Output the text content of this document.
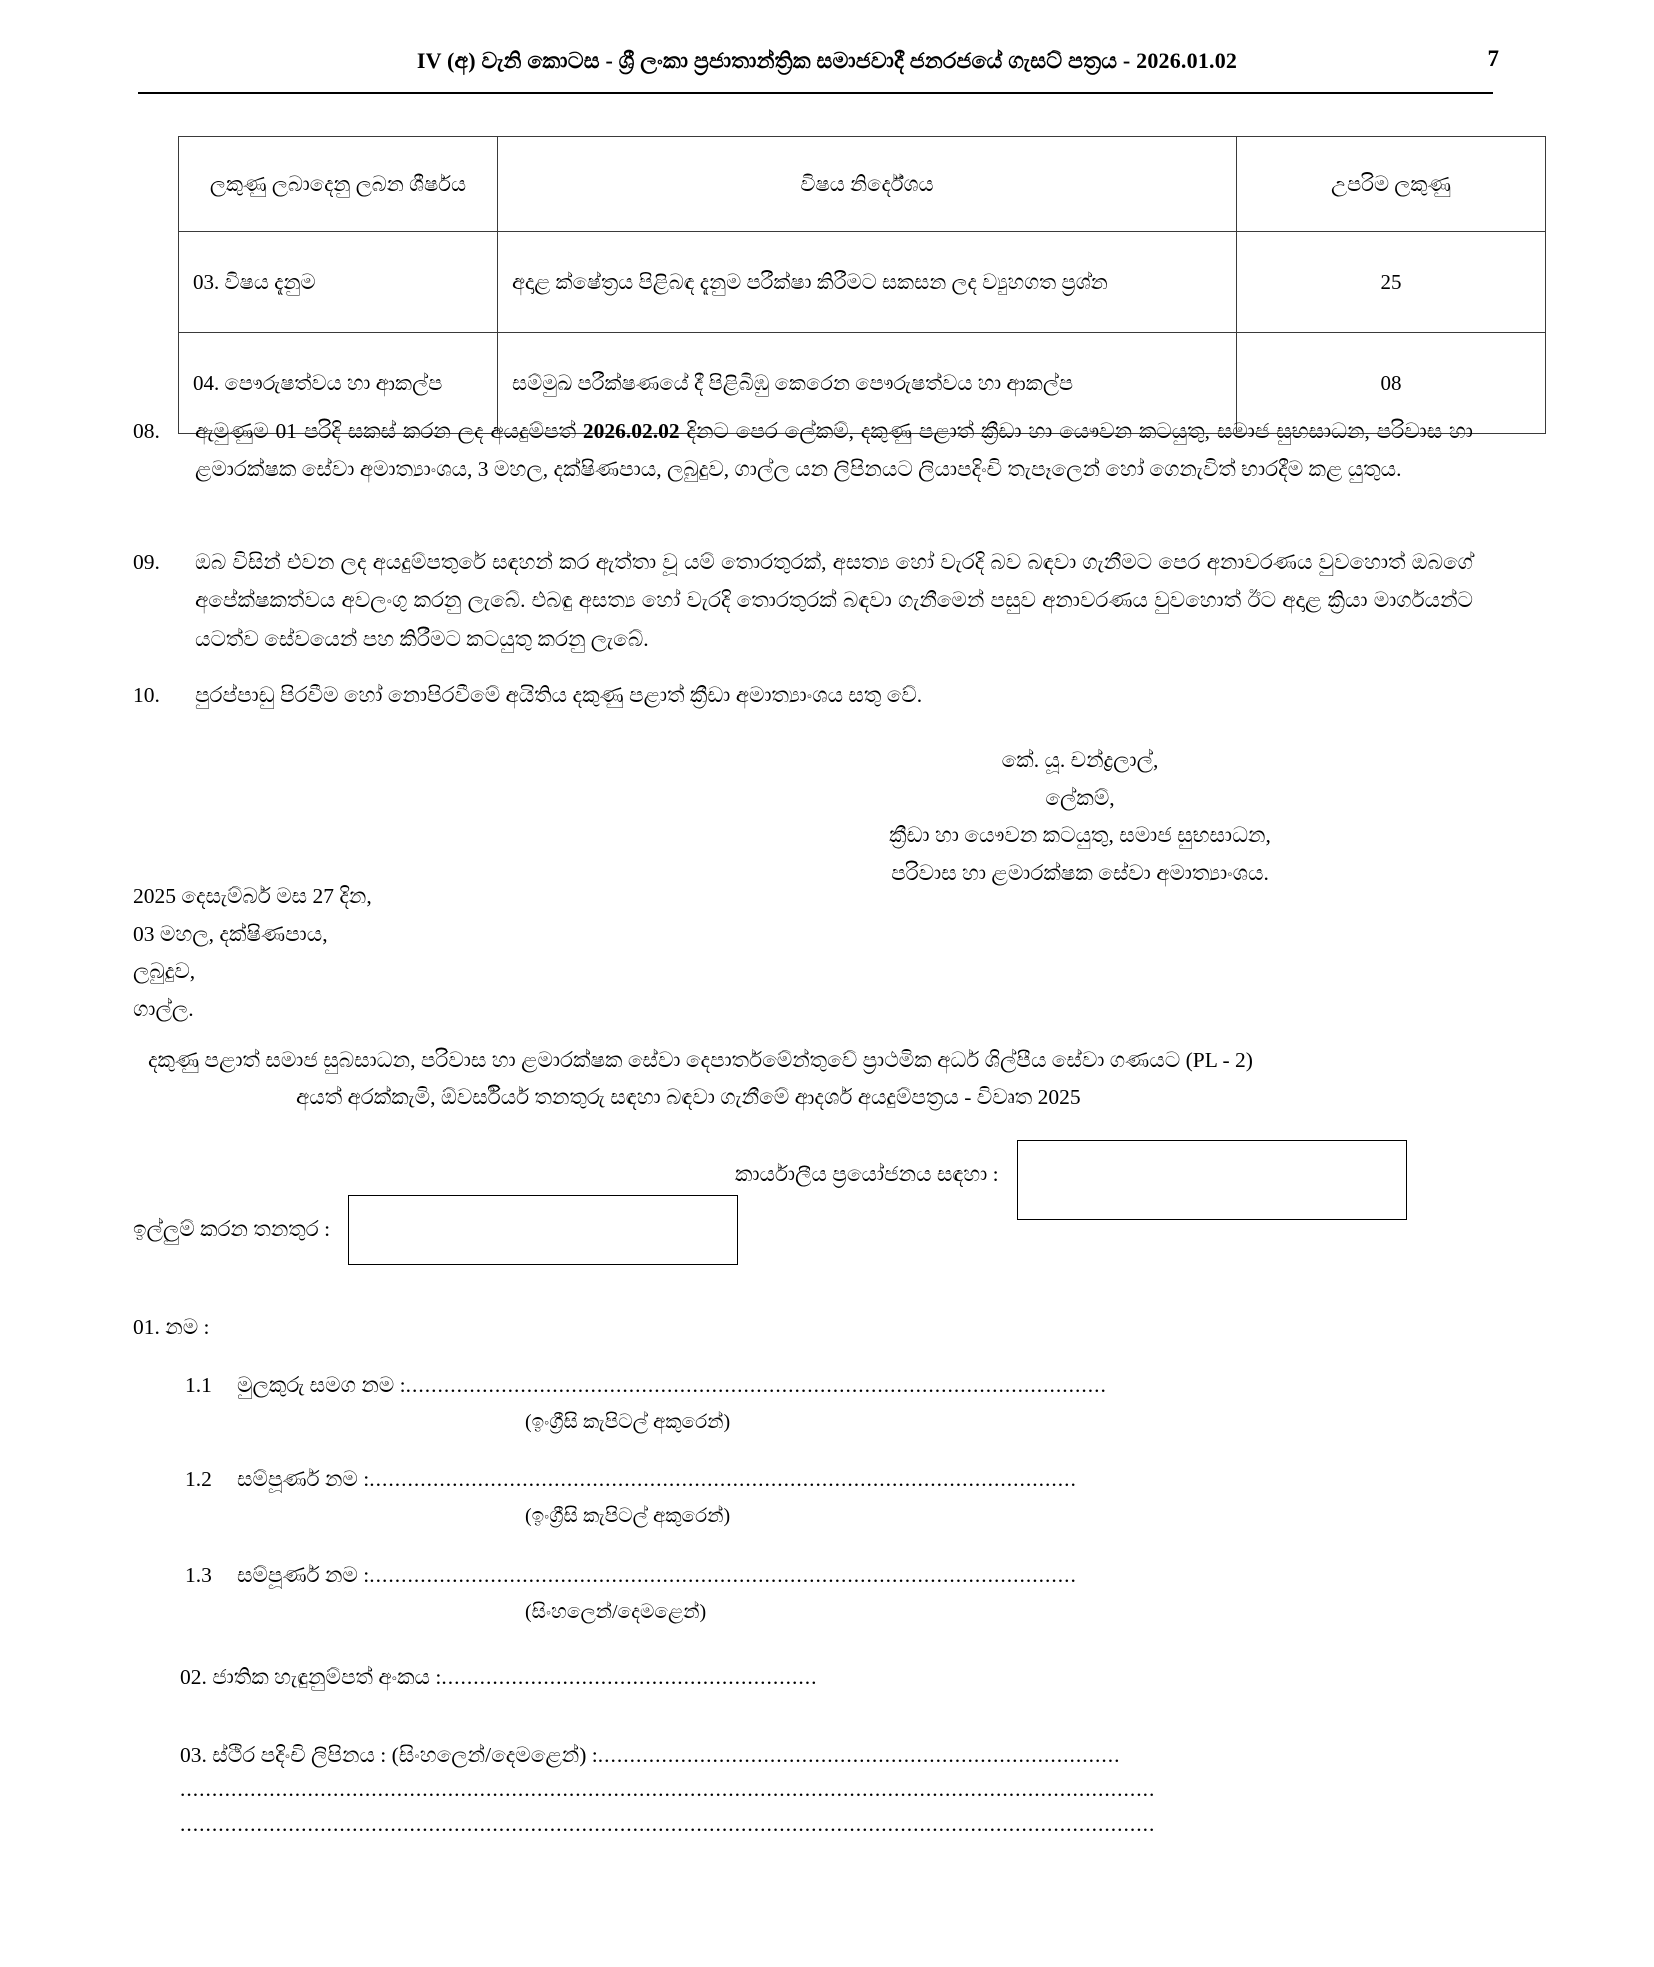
IV (අ) වැනි කොටස - ශ්‍රී ලංකා ප්‍රජාතාන්ත්‍රික සමාජවාදී ජනරජයේ ගැසට් පත්‍රය - 2026.01.02	7
ලකුණු ලබාදෙනු ලබන ශීර්ෂය	විෂය නිර්දේශය	උපරිම ලකුණු
03. විෂය දැනුම	අදාළ ක්ෂේත්‍රය පිළිබඳ දැනුම පරීක්ෂා කිරීමට සකසන ලද ව්‍යුහගත ප්‍රශ්න	25
04. පෞරුෂත්වය හා ආකල්ප	සම්මුඛ පරීක්ෂණයේ දී පිළිබිඹු කෙරෙන පෞරුෂත්වය හා ආකල්ප	08
08.	ඇමුණුම 01 පරිදි සකස් කරන ලද අයදුම්පත් 2026.02.02 දිනට පෙර ලේකම්, දකුණු පළාත් ක්‍රීඩා හා යෞවන කටයුතු, සමාජ සුභසාධන, පරිවාස හා ළමාරක්ෂක සේවා අමාත්‍යාංශය, 3 මහල, දක්ෂිණපාය, ලබුදුව, ගාල්ල යන ලිපිනයට ලියාපදිංචි තැපෑලෙන් හෝ ගෙනැවිත් භාරදීම කළ යුතුය.
09.	ඔබ විසින් එවන ලද අයදුම්පතුරේ සඳහන් කර ඇත්තා වූ යම් තොරතුරක්, අසත්‍ය හෝ වැරදි බව බඳවා ගැනීමට පෙර අනාවරණය වුවහොත් ඔබගේ අපේක්ෂකත්වය අවලංගු කරනු ලැබේ. එබඳු අසත්‍ය හෝ වැරදි තොරතුරක් බඳවා ගැනීමෙන් පසුව අනාවරණය වුවහොත් ඊට අදාළ ක්‍රියා මාර්ගයන්ට යටත්ව සේවයෙන් පහ කිරීමට කටයුතු කරනු ලැබේ.
10.	පුරප්පාඩු පිරවීම හෝ නොපිරවීමේ අයිතිය දකුණු පළාත් ක්‍රීඩා අමාත්‍යාංශය සතු වේ.
කේ. යූ. චන්ද්‍රලාල්,
ලේකම්,
ක්‍රීඩා හා යෞවන කටයුතු, සමාජ සුභසාධන,
පරිවාස හා ළමාරක්ෂක සේවා අමාත්‍යාංශය.
2025 දෙසැම්බර් මස 27 දින,
03 මහල, දක්ෂිණපාය,
ලබුදුව,
ගාල්ල.
දකුණු පළාත් සමාජ සුබසාධන, පරිවාස හා ළමාරක්ෂක සේවා දෙපාර්තමේන්තුවේ ප්‍රාථමික අර්ධ ශිල්පීය සේවා ගණයට (PL - 2)
අයත් අරක්කැමි, ඕවර්සියර් තනතුරු සඳහා බඳවා ගැනීමේ ආදර්ශ අයදුම්පත්‍රය - විවෘත 2025
කාර්යාලීය ප්‍රයෝජනය සඳහා :
ඉල්ලුම් කරන තනතුර :
01. නම :
1.1	මුලකුරු සමග නම : ..............................................................................................................
(ඉංග්‍රීසි කැපිටල් අකුරෙන්)
1.2	සම්පූර්ණ නම : ...............................................................................................................
(ඉංග්‍රීසි කැපිටල් අකුරෙන්)
1.3	සම්පූර්ණ නම : ...............................................................................................................
(සිංහලෙන්/දෙමළෙන්)
02. ජාතික හැඳුනුම්පත් අංකය : ...........................................................
03. ස්ථිර පදිංචි ලිපිනය : (සිංහලෙන්/දෙමළෙන්) : ..................................................................................
.........................................................................................................................................................
.........................................................................................................................................................
